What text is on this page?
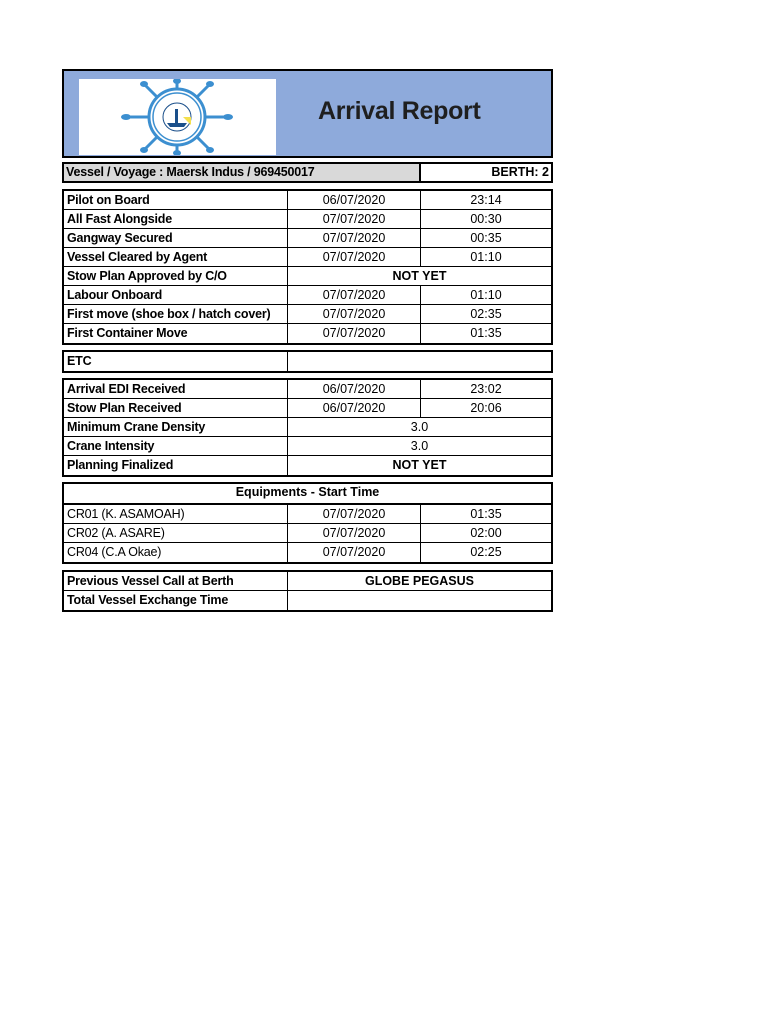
Arrival Report
Vessel / Voyage : Maersk Indus / 969450017	BERTH: 2
Pilot on Board	06/07/2020	23:14
All Fast Alongside	07/07/2020	00:30
Gangway Secured	07/07/2020	00:35
Vessel Cleared by Agent	07/07/2020	01:10
Stow Plan Approved by C/O	NOT YET
Labour Onboard	07/07/2020	01:10
First move (shoe box / hatch cover)	07/07/2020	02:35
First Container Move	07/07/2020	01:35
ETC
Arrival EDI Received	06/07/2020	23:02
Stow Plan Received	06/07/2020	20:06
Minimum Crane Density	3.0
Crane Intensity	3.0
Planning Finalized	NOT YET
Equipments - Start Time
CR01 (K. ASAMOAH)	07/07/2020	01:35
CR02 (A. ASARE)	07/07/2020	02:00
CR04 (C.A Okae)	07/07/2020	02:25
Previous Vessel Call at Berth	GLOBE PEGASUS
Total Vessel Exchange Time
